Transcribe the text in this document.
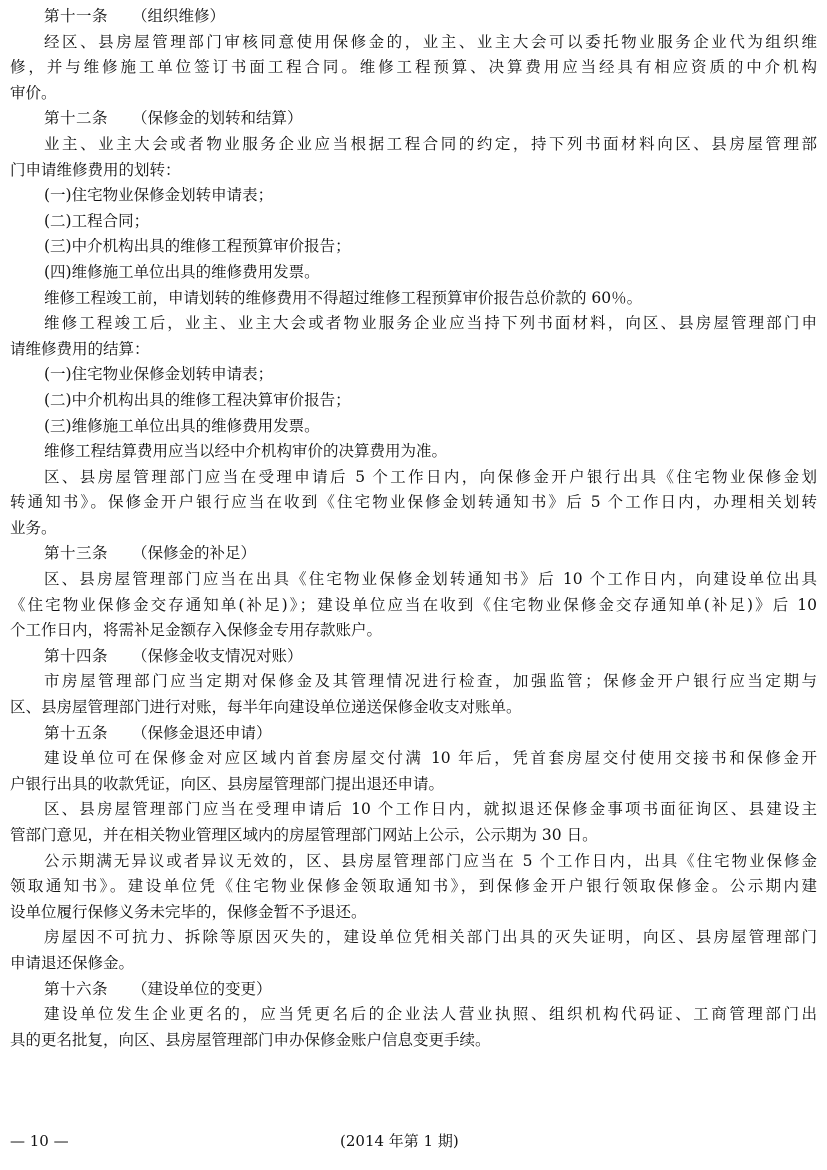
第十一条 （组织维修）
经区、县房屋管理部门审核同意使用保修金的，业主、业主大会可以委托物业服务企业代为组织维
修，并与维修施工单位签订书面工程合同。维修工程预算、决算费用应当经具有相应资质的中介机构
审价。
第十二条 （保修金的划转和结算）
业主、业主大会或者物业服务企业应当根据工程合同的约定，持下列书面材料向区、县房屋管理部
门申请维修费用的划转：
(一)住宅物业保修金划转申请表；
(二)工程合同；
(三)中介机构出具的维修工程预算审价报告；
(四)维修施工单位出具的维修费用发票。
维修工程竣工前，申请划转的维修费用不得超过维修工程预算审价报告总价款的 60％。
维修工程竣工后，业主、业主大会或者物业服务企业应当持下列书面材料，向区、县房屋管理部门申
请维修费用的结算：
(一)住宅物业保修金划转申请表；
(二)中介机构出具的维修工程决算审价报告；
(三)维修施工单位出具的维修费用发票。
维修工程结算费用应当以经中介机构审价的决算费用为准。
区、县房屋管理部门应当在受理申请后 5 个工作日内，向保修金开户银行出具《住宅物业保修金划
转通知书》。保修金开户银行应当在收到《住宅物业保修金划转通知书》后 5 个工作日内，办理相关划转
业务。
第十三条 （保修金的补足）
区、县房屋管理部门应当在出具《住宅物业保修金划转通知书》后 10 个工作日内，向建设单位出具
《住宅物业保修金交存通知单(补足)》；建设单位应当在收到《住宅物业保修金交存通知单(补足)》后 10
个工作日内，将需补足金额存入保修金专用存款账户。
第十四条 （保修金收支情况对账）
市房屋管理部门应当定期对保修金及其管理情况进行检查，加强监管；保修金开户银行应当定期与
区、县房屋管理部门进行对账，每半年向建设单位递送保修金收支对账单。
第十五条 （保修金退还申请）
建设单位可在保修金对应区域内首套房屋交付满 10 年后，凭首套房屋交付使用交接书和保修金开
户银行出具的收款凭证，向区、县房屋管理部门提出退还申请。
区、县房屋管理部门应当在受理申请后 10 个工作日内，就拟退还保修金事项书面征询区、县建设主
管部门意见，并在相关物业管理区域内的房屋管理部门网站上公示，公示期为 30 日。
公示期满无异议或者异议无效的，区、县房屋管理部门应当在 5 个工作日内，出具《住宅物业保修金
领取通知书》。建设单位凭《住宅物业保修金领取通知书》，到保修金开户银行领取保修金。公示期内建
设单位履行保修义务未完毕的，保修金暂不予退还。
房屋因不可抗力、拆除等原因灭失的，建设单位凭相关部门出具的灭失证明，向区、县房屋管理部门
申请退还保修金。
第十六条 （建设单位的变更）
建设单位发生企业更名的，应当凭更名后的企业法人营业执照、组织机构代码证、工商管理部门出
具的更名批复，向区、县房屋管理部门申办保修金账户信息变更手续。
— 10 —	(2014 年第 1 期)
